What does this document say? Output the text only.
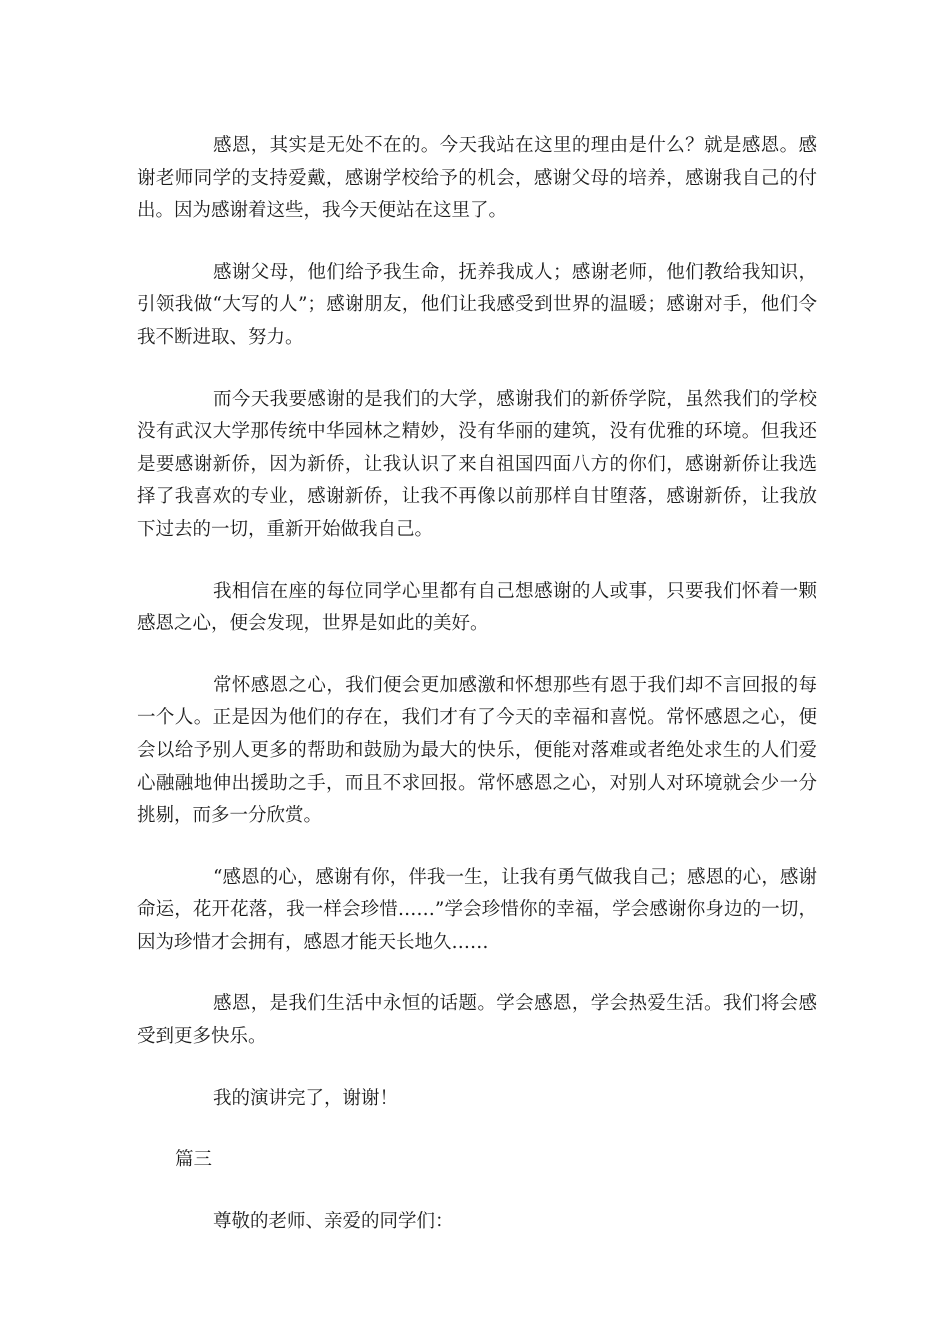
感恩，其实是无处不在的。今天我站在这里的理由是什么？就是感恩。感谢老师同学的支持爱戴，感谢学校给予的机会，感谢父母的培养，感谢我自己的付出。因为感谢着这些，我今天便站在这里了。

感谢父母，他们给予我生命，抚养我成人；感谢老师，他们教给我知识，引领我做“大写的人”；感谢朋友，他们让我感受到世界的温暖；感谢对手，他们令我不断进取、努力。

而今天我要感谢的是我们的大学，感谢我们的新侨学院，虽然我们的学校没有武汉大学那传统中华园林之精妙，没有华丽的建筑，没有优雅的环境。但我还是要感谢新侨，因为新侨，让我认识了来自祖国四面八方的你们，感谢新侨让我选择了我喜欢的专业，感谢新侨，让我不再像以前那样自甘堕落，感谢新侨，让我放下过去的一切，重新开始做我自己。

我相信在座的每位同学心里都有自己想感谢的人或事，只要我们怀着一颗感恩之心，便会发现，世界是如此的美好。

常怀感恩之心，我们便会更加感激和怀想那些有恩于我们却不言回报的每一个人。正是因为他们的存在，我们才有了今天的幸福和喜悦。常怀感恩之心，便会以给予别人更多的帮助和鼓励为最大的快乐，便能对落难或者绝处求生的人们爱心融融地伸出援助之手，而且不求回报。常怀感恩之心，对别人对环境就会少一分挑剔，而多一分欣赏。

“感恩的心，感谢有你，伴我一生，让我有勇气做我自己；感恩的心，感谢命运，花开花落，我一样会珍惜……”学会珍惜你的幸福，学会感谢你身边的一切，因为珍惜才会拥有，感恩才能天长地久……

感恩，是我们生活中永恒的话题。学会感恩，学会热爱生活。我们将会感受到更多快乐。

我的演讲完了，谢谢！

篇三

尊敬的老师、亲爱的同学们：
